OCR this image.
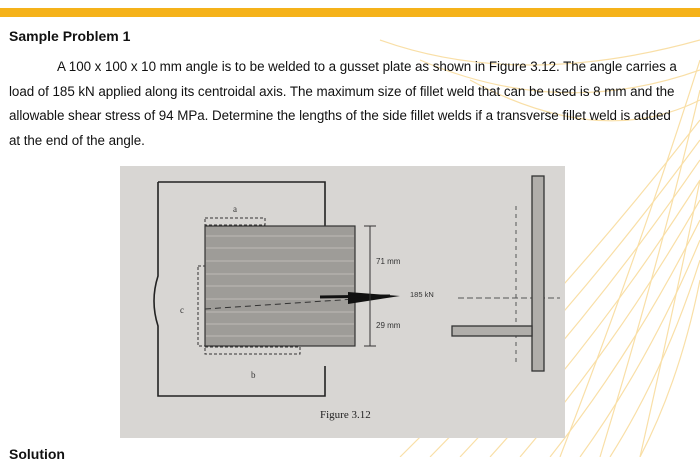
Sample Problem 1

A 100 x 100 x 10 mm angle is to be welded to a gusset plate as shown in Figure 3.12. The angle carries a load of 185 kN applied along its centroidal axis. The maximum size of fillet weld that can be used is 8 mm and the allowable shear stress of 94 MPa. Determine the lengths of the side fillet welds if a transverse fillet weld is added at the end of the angle.

a
b
c
71 mm
29 mm
185 kN
Figure 3.12
Solution
